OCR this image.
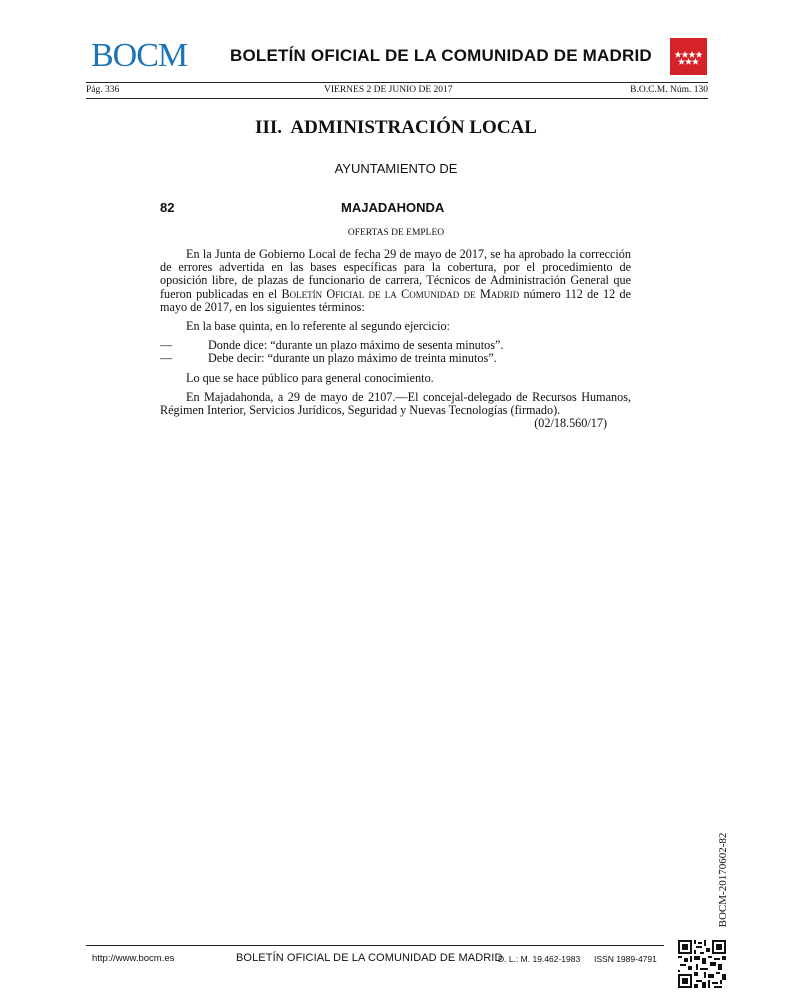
BOCM	BOLETÍN OFICIAL DE LA COMUNIDAD DE MADRID
Pág. 336	VIERNES 2 DE JUNIO DE 2017	B.O.C.M. Núm. 130
III.  ADMINISTRACIÓN LOCAL
AYUNTAMIENTO DE
82	MAJADAHONDA
OFERTAS DE EMPLEO

En la Junta de Gobierno Local de fecha 29 de mayo de 2017, se ha aprobado la corrección de errores advertida en las bases específicas para la cobertura, por el procedimiento de oposición libre, de plazas de funcionario de carrera, Técnicos de Administración General que fueron publicadas en el Boletín Oficial de la Comunidad de Madrid número 112 de 12 de mayo de 2017, en los siguientes términos:

En la base quinta, en lo referente al segundo ejercicio:

—	Donde dice: “durante un plazo máximo de sesenta minutos”.

—	Debe decir: “durante un plazo máximo de treinta minutos”.

Lo que se hace público para general conocimiento.

En Majadahonda, a 29 de mayo de 2107.—El concejal-delegado de Recursos Humanos, Régimen Interior, Servicios Jurídicos, Seguridad y Nuevas Tecnologías (firmado).

(02/18.560/17)

BOCM-20170602-82
http://www.bocm.es	BOLETÍN OFICIAL DE LA COMUNIDAD DE MADRID
D. L.: M. 19.462-1983 ISSN 1989-4791
